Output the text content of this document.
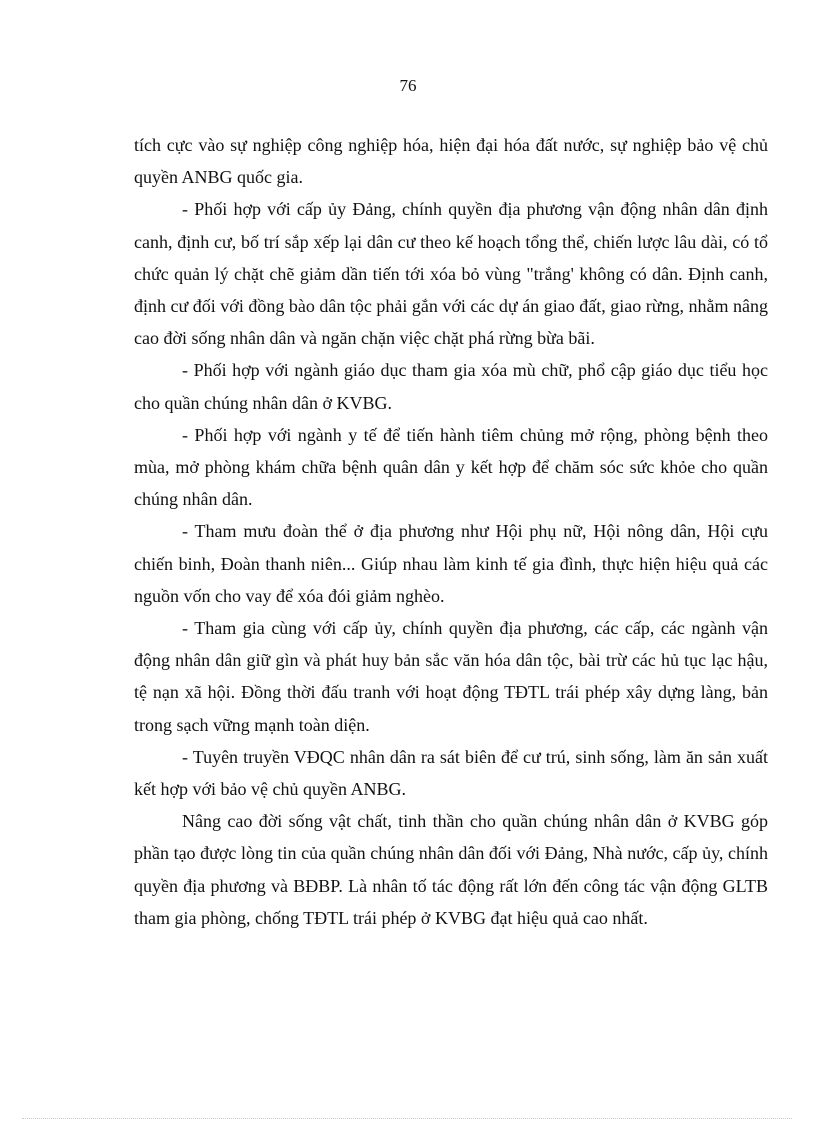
76

tích cực vào sự nghiệp công nghiệp hóa, hiện đại hóa đất nước, sự nghiệp bảo vệ chủ quyền ANBG quốc gia.

- Phối hợp với cấp ủy Đảng, chính quyền địa phương vận động nhân dân định canh, định cư, bố trí sắp xếp lại dân cư theo kế hoạch tổng thể, chiến lược lâu dài, có tổ chức quản lý chặt chẽ giảm dần tiến tới xóa bỏ vùng "trắng' không có dân. Định canh, định cư đối với đồng bào dân tộc phải gắn với các dự án giao đất, giao rừng, nhằm nâng cao đời sống nhân dân và ngăn chặn việc chặt phá rừng bừa bãi.

- Phối hợp với ngành giáo dục tham gia xóa mù chữ, phổ cập giáo dục tiểu học cho quần chúng nhân dân ở KVBG.

- Phối hợp với ngành y tế để tiến hành tiêm chủng mở rộng, phòng bệnh theo mùa, mở phòng khám chữa bệnh quân dân y kết hợp để chăm sóc sức khỏe cho quần chúng nhân dân.

- Tham mưu đoàn thể ở địa phương như Hội phụ nữ, Hội nông dân, Hội cựu chiến binh, Đoàn thanh niên... Giúp nhau làm kinh tế gia đình, thực hiện hiệu quả các nguồn vốn cho vay để xóa đói giảm nghèo.

- Tham gia cùng với cấp ủy, chính quyền địa phương, các cấp, các ngành vận động nhân dân giữ gìn và phát huy bản sắc văn hóa dân tộc, bài trừ các hủ tục lạc hậu, tệ nạn xã hội. Đồng thời đấu tranh với hoạt động TĐTL trái phép xây dựng làng, bản trong sạch vững mạnh toàn diện.

- Tuyên truyền VĐQC nhân dân ra sát biên để cư trú, sinh sống, làm ăn sản xuất kết hợp với bảo vệ chủ quyền ANBG.

Nâng cao đời sống vật chất, tinh thần cho quần chúng nhân dân ở KVBG góp phần tạo được lòng tin của quần chúng nhân dân đối với Đảng, Nhà nước, cấp ủy, chính quyền địa phương và BĐBP. Là nhân tố tác động rất lớn đến công tác vận động GLTB tham gia phòng, chống TĐTL trái phép ở KVBG đạt hiệu quả cao nhất.
